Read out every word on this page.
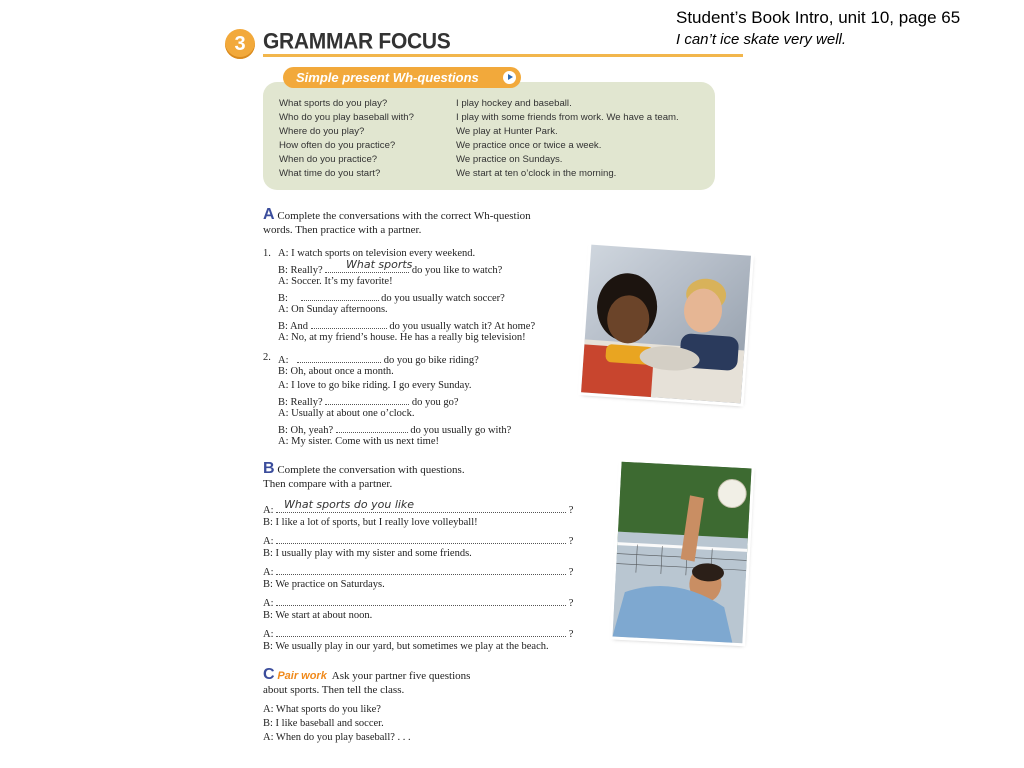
Student’s Book Intro, unit 10, page 65
I can’t ice skate very well.
3 GRAMMAR FOCUS
Simple present Wh-questions
What sports do you play?	I play hockey and baseball.
Who do you play baseball with?	I play with some friends from work. We have a team.
Where do you play?	We play at Hunter Park.
How often do you practice?	We practice once or twice a week.
When do you practice?	We practice on Sundays.
What time do you start?	We start at ten o’clock in the morning.
A Complete the conversations with the correct Wh-question
words. Then practice with a partner.
1. A: I watch sports on television every weekend.
B: Really?	do you like to watch?
What sports
A: Soccer. It’s my favorite!
B:	do you usually watch soccer?
A: On Sunday afternoons.
B: And	do you usually watch it? At home?
A: No, at my friend’s house. He has a really big television!
2. A:	do you go bike riding?
B: Oh, about once a month.
A: I love to go bike riding. I go every Sunday.
B: Really?	do you go?
A: Usually at about one o’clock.
B: Oh, yeah?	do you usually go with?
A: My sister. Come with us next time!
B Complete the conversation with questions.
Then compare with a partner.
A:	?
What sports do you like
B: I like a lot of sports, but I really love volleyball!
A:	?
B: I usually play with my sister and some friends.
A:	?
B: We practice on Saturdays.
A:	?
B: We start at about noon.
A:	?
B: We usually play in our yard, but sometimes we play at the beach.
C Pair work Ask your partner five questions
about sports. Then tell the class.
A: What sports do you like?
B: I like baseball and soccer.
A: When do you play baseball? . . .
